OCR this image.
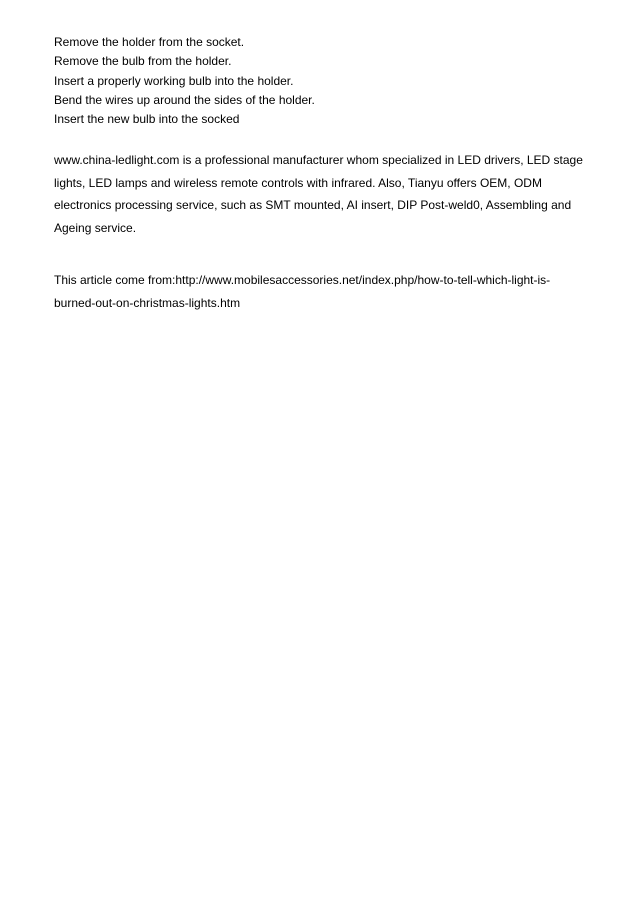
Remove the holder from the socket.
Remove the bulb from the holder.
Insert a properly working bulb into the holder.
Bend the wires up around the sides of the holder.
Insert the new bulb into the socked

www.china-ledlight.com is a professional manufacturer whom specialized in LED drivers, LED stage lights, LED lamps and wireless remote controls with infrared. Also, Tianyu offers OEM, ODM electronics processing service, such as SMT mounted, AI insert, DIP Post-weld0, Assembling and Ageing service.

This article come from:http://www.mobilesaccessories.net/index.php/how-to-tell-which-light-is-burned-out-on-christmas-lights.htm
